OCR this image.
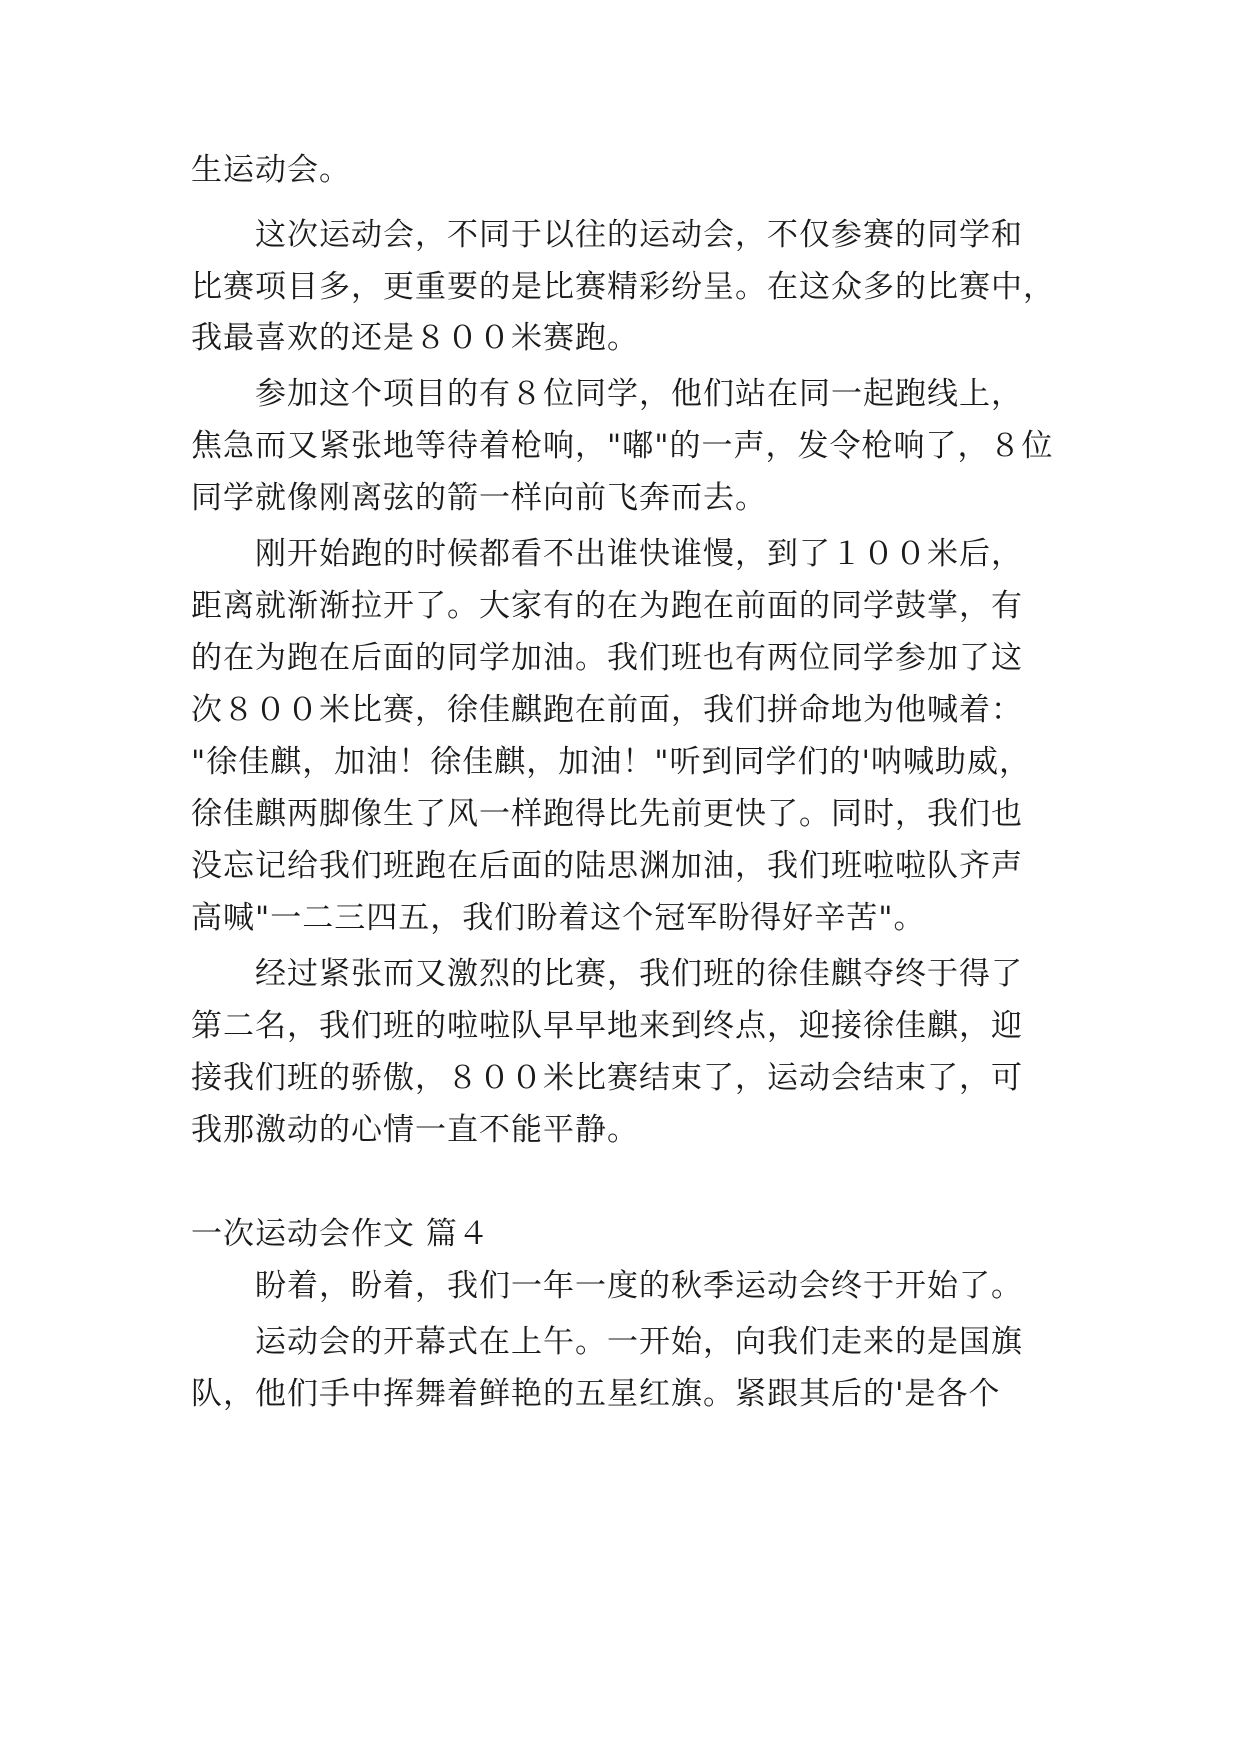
生运动会。
这次运动会，不同于以往的运动会，不仅参赛的同学和
比赛项目多，更重要的是比赛精彩纷呈。在这众多的比赛中，
我最喜欢的还是８００米赛跑。
参加这个项目的有８位同学，他们站在同一起跑线上，
焦急而又紧张地等待着枪响，"嘟"的一声，发令枪响了，８位
同学就像刚离弦的箭一样向前飞奔而去。
刚开始跑的时候都看不出谁快谁慢，到了１００米后，
距离就渐渐拉开了。大家有的在为跑在前面的同学鼓掌，有
的在为跑在后面的同学加油。我们班也有两位同学参加了这
次８００米比赛，徐佳麒跑在前面，我们拼命地为他喊着：
"徐佳麒，加油！徐佳麒，加油！"听到同学们的'呐喊助威，
徐佳麒两脚像生了风一样跑得比先前更快了。同时，我们也
没忘记给我们班跑在后面的陆思渊加油，我们班啦啦队齐声
高喊"一二三四五，我们盼着这个冠军盼得好辛苦"。
经过紧张而又激烈的比赛，我们班的徐佳麒夺终于得了
第二名，我们班的啦啦队早早地来到终点，迎接徐佳麒，迎
接我们班的骄傲，８００米比赛结束了，运动会结束了，可
我那激动的心情一直不能平静。
一次运动会作文 篇４
盼着，盼着，我们一年一度的秋季运动会终于开始了。
运动会的开幕式在上午。一开始，向我们走来的是国旗
队，他们手中挥舞着鲜艳的五星红旗。紧跟其后的'是各个
